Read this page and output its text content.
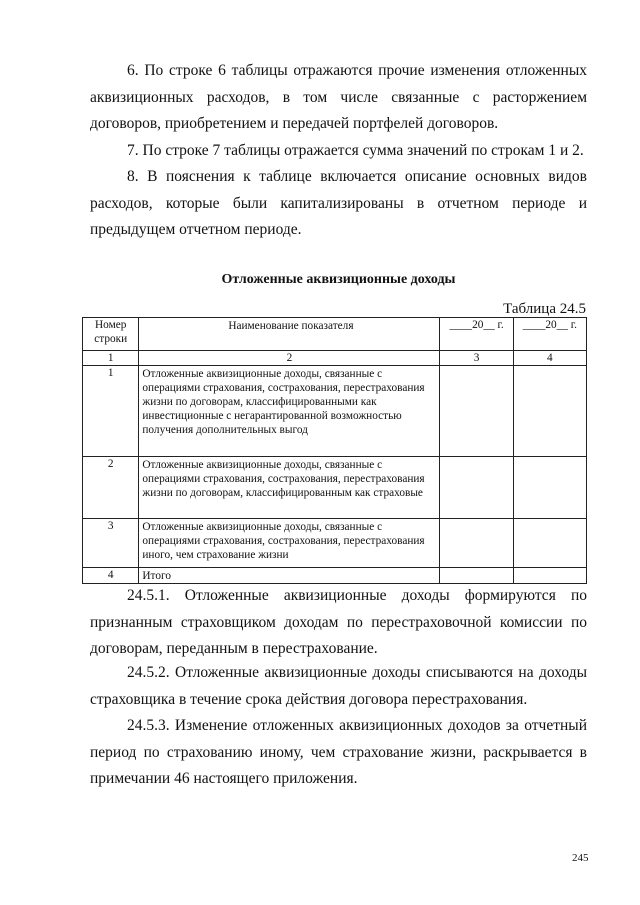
6. По строке 6 таблицы отражаются прочие изменения отложенных аквизиционных расходов, в том числе связанные с расторжением договоров, приобретением и передачей портфелей договоров.

7. По строке 7 таблицы отражается сумма значений по строкам 1 и 2.

8. В пояснения к таблице включается описание основных видов расходов, которые были капитализированы в отчетном периоде и предыдущем отчетном периоде.

Отложенные аквизиционные доходы
Таблица 24.5
Номер строки	Наименование показателя	____20__ г.	____20__ г.
1	2	3	4
1	Отложенные аквизиционные доходы, связанные с операциями страхования, сострахования, перестрахования жизни по договорам, классифицированными как инвестиционные с негарантированной возможностью получения дополнительных выгод		
2	Отложенные аквизиционные доходы, связанные с операциями страхования, сострахования, перестрахования жизни по договорам, классифицированным как страховые		
3	Отложенные аквизиционные доходы, связанные с операциями страхования, сострахования, перестрахования иного, чем страхование жизни		
4	Итого		

24.5.1. Отложенные аквизиционные доходы формируются по признанным страховщиком доходам по перестраховочной комиссии по договорам, переданным в перестрахование.

24.5.2. Отложенные аквизиционные доходы списываются на доходы страховщика в течение срока действия договора перестрахования.

24.5.3. Изменение отложенных аквизиционных доходов за отчетный период по страхованию иному, чем страхование жизни, раскрывается в примечании 46 настоящего приложения.

245
